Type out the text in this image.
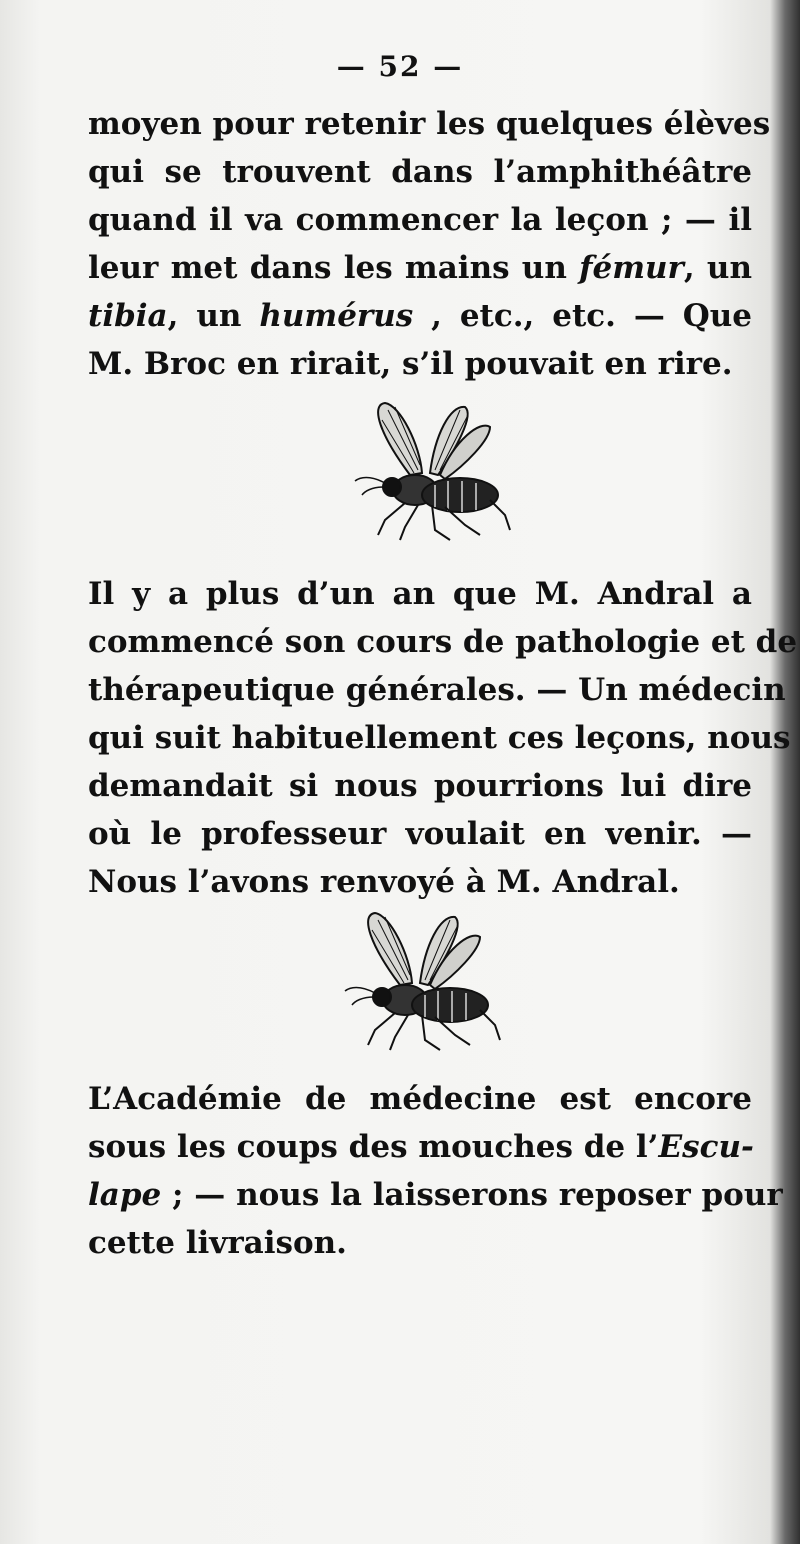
— 52 —
moyen pour retenir les quelques élèves
qui se trouvent dans l’amphithéâtre
quand il va commencer la leçon ; — il
leur met dans les mains un fémur, un
tibia, un humérus , etc., etc. — Que
M. Broc en rirait, s’il pouvait en rire.
Il y a plus d’un an que M. Andral a
commencé son cours de pathologie et de
thérapeutique générales. — Un médecin
qui suit habituellement ces leçons, nous
demandait si nous pourrions lui dire
où le professeur voulait en venir. —
Nous l’avons renvoyé à M. Andral.
L’Académie de médecine est encore
sous les coups des mouches de l’Escu-
lape ; — nous la laisserons reposer pour
cette livraison.
